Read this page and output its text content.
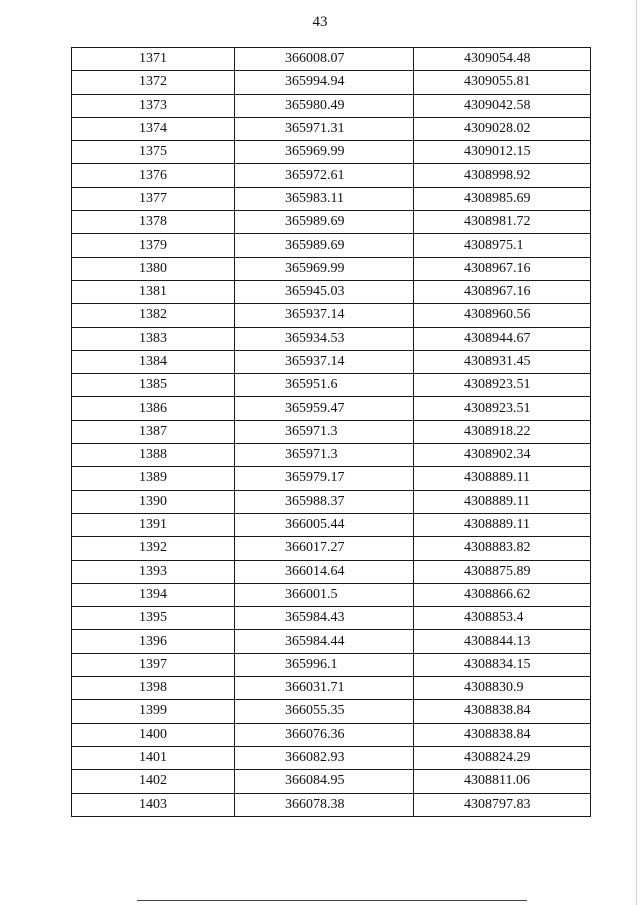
43
1371	366008.07	4309054.48
1372	365994.94	4309055.81
1373	365980.49	4309042.58
1374	365971.31	4309028.02
1375	365969.99	4309012.15
1376	365972.61	4308998.92
1377	365983.11	4308985.69
1378	365989.69	4308981.72
1379	365989.69	4308975.1
1380	365969.99	4308967.16
1381	365945.03	4308967.16
1382	365937.14	4308960.56
1383	365934.53	4308944.67
1384	365937.14	4308931.45
1385	365951.6	4308923.51
1386	365959.47	4308923.51
1387	365971.3	4308918.22
1388	365971.3	4308902.34
1389	365979.17	4308889.11
1390	365988.37	4308889.11
1391	366005.44	4308889.11
1392	366017.27	4308883.82
1393	366014.64	4308875.89
1394	366001.5	4308866.62
1395	365984.43	4308853.4
1396	365984.44	4308844.13
1397	365996.1	4308834.15
1398	366031.71	4308830.9
1399	366055.35	4308838.84
1400	366076.36	4308838.84
1401	366082.93	4308824.29
1402	366084.95	4308811.06
1403	366078.38	4308797.83
